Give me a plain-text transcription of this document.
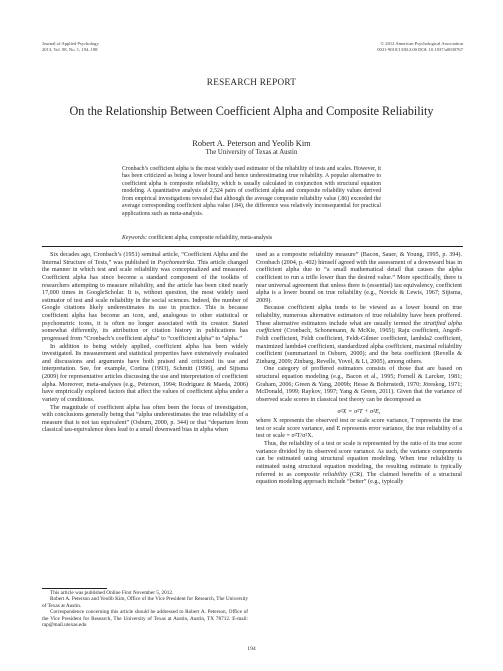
Journal of Applied Psychology
2013, Vol. 98, No. 1, 194–198
© 2012 American Psychological Association
0021-9010/13/$12.00 DOI: 10.1037/a0030767
RESEARCH REPORT
On the Relationship Between Coefficient Alpha and Composite Reliability
Robert A. Peterson and Yeolib Kim
The University of Texas at Austin
Cronbach’s coefficient alpha is the most widely used estimator of the reliability of tests and scales. However, it has been criticized as being a lower bound and hence underestimating true reliability. A popular alternative to coefficient alpha is composite reliability, which is usually calculated in conjunction with structural equation modeling. A quantitative analysis of 2,524 pairs of coefficient alpha and composite reliability values derived from empirical investigations revealed that although the average composite reliability value (.86) exceeded the average corresponding coefficient alpha value (.84), the difference was relatively inconsequential for practical applications such as meta-analysis.
Keywords: coefficient alpha, composite reliability, meta-analysis

Six decades ago, Cronbach’s (1951) seminal article, “Coefficient Alpha and the Internal Structure of Tests,” was published in Psychometrika. This article changed the manner in which test and scale reliability was conceptualized and measured. Coefficient alpha has since become a standard component of the toolkits of researchers attempting to measure reliability, and the article has been cited nearly 17,000 times in GoogleScholar. It is, without question, the most widely used estimator of test and scale reliability in the social sciences. Indeed, the number of Google citations likely underestimates its use in practice. This is because coefficient alpha has become an icon, and, analogous to other statistical or psychometric icons, it is often no longer associated with its creator. Stated somewhat differently, its attribution or citation history in publications has progressed from “Cronbach’s coefficient alpha” to “coefficient alpha” to “alpha.”

In addition to being widely applied, coefficient alpha has been widely investigated. Its measurement and statistical properties have extensively evaluated and discussions and arguments have both praised and criticized its use and interpretation. See, for example, Cortina (1993), Schmitt (1996), and Sijtsma (2009) for representative articles discussing the use and interpretation of coefficient alpha. Moreover, meta-analyses (e.g., Peterson, 1994; Rodriguez & Maeda, 2006) have empirically explored factors that affect the values of coefficient alpha under a variety of conditions.

The magnitude of coefficient alpha has often been the focus of investigation, with conclusions generally being that “alpha underestimates the true reliability of a measure that is not tau equivalent” (Osburn, 2000, p. 344) or that “departure from classical tau-equivalence does lead to a small downward bias in alpha when

used as a composite reliability measure” (Bacon, Sauer, & Young, 1995, p. 394). Cronbach (2004, p. 402) himself agreed with the assessment of a downward bias in coefficient alpha due to “a small mathematical detail that causes the alpha coefficient to run a trifle lower than the desired value.” More specifically, there is near universal agreement that unless there is (essential) tau equivalency, coefficient alpha is a lower bound on true reliability (e.g., Novick & Lewis, 1967; Sijtsma, 2009).

Because coefficient alpha tends to be viewed as a lower bound on true reliability, numerous alternative estimators of true reliability have been proffered. These alternative estimators include what are usually termed the stratified alpha coefficient (Cronbach, Schonemann, & McKie, 1965); Raju coefficient, Angoff-Feldt coefficient, Feldt coefficient, Feldt-Gilmer coefficient, lambda2 coefficient, maximized lambda4 coefficient, standardized alpha coefficient, maximal reliability coefficient (summarized in Osburn, 2000); and the beta coefficient (Revelle & Zinbarg, 2009; Zinbarg, Revelle, Yovel, & Li, 2005), among others.

One category of proffered estimators consists of those that are based on structural equation modeling (e.g., Bacon et al., 1995; Fornell & Larcker, 1981; Graham, 2006; Green & Yang, 2009b; Hesse & Bohrnstedt, 1970; Jöreskog, 1971; McDonald, 1999; Raykov, 1997; Yang & Green, 2011). Given that the variance of observed scale scores in classical test theory can be decomposed as

σ²X = σ²T + σ²E,

where X represents the observed test or scale score variance, T represents the true test or scale score variance, and E represents error variance, the true reliability of a test or scale = σ²T/σ²X.

Thus, the reliability of a test or scale is represented by the ratio of its true score variance divided by its observed score variance. As such, the variance components can be estimated using structural equation modeling. When true reliability is estimated using structural equation modeling, the resulting estimate is typically referred to as composite reliability (CR). The claimed benefits of a structural equation modeling approach include “better” (e.g., typically

This article was published Online First November 5, 2012.

Robert A. Peterson and Yeolib Kim, Office of the Vice President for Research, The University of Texas at Austin.

Correspondence concerning this article should be addressed to Robert A. Peterson, Office of the Vice President for Research, The University of Texas at Austin, Austin, TX 78712. E-mail: rap@mail.utexas.edu

194
